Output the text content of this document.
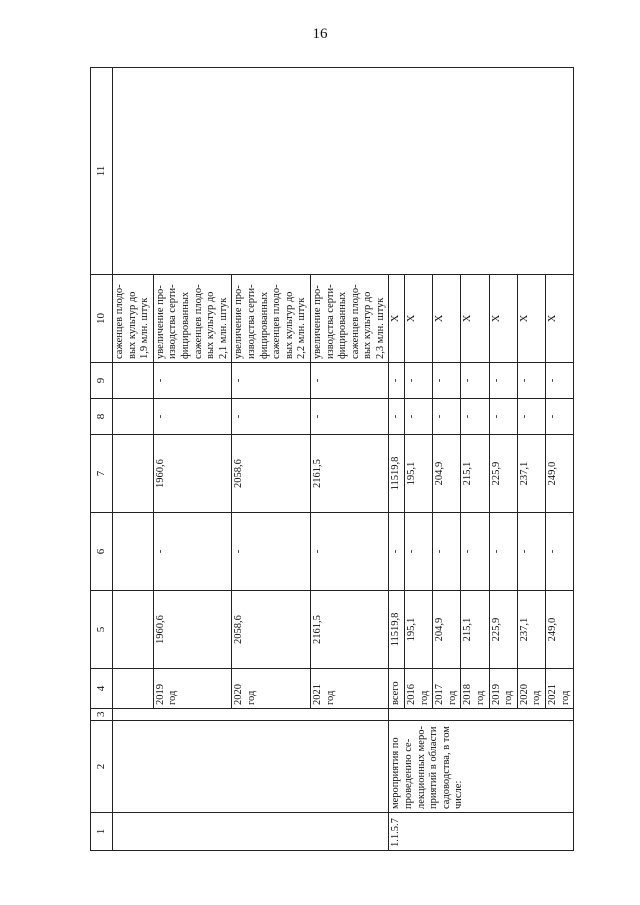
16
1	2	3	4	5	6	7	8	9	10	11
									саженцев плодо-вых культур до 1,9 млн. штук	
			2019 год	1960,6	-	1960,6	-	-	увеличение про-изводства серти-фицированных саженцев плодо-вых культур до 2,1 млн. штук	
			2020 год	2058,6	-	2058,6	-	-	увеличение про-изводства серти-фицированных саженцев плодо-вых культур до 2,2 млн. штук	
			2021 год	2161,5	-	2161,5	-	-	увеличение про-изводства серти-фицированных саженцев плодо-вых культур до 2,3 млн. штук	
1.1.5.7	мероприятия по проведению се-лекционных меро-приятий в области садоводства, в том числе:		всего	11519,8	-	11519,8	-	-	Х	
			2016 год	195,1	-	195,1	-	-	Х	
			2017 год	204,9	-	204,9	-	-	Х	
			2018 год	215,1	-	215,1	-	-	Х	
			2019 год	225,9	-	225,9	-	-	Х	
			2020 год	237,1	-	237,1	-	-	Х	
			2021 год	249,0	-	249,0	-	-	Х	
